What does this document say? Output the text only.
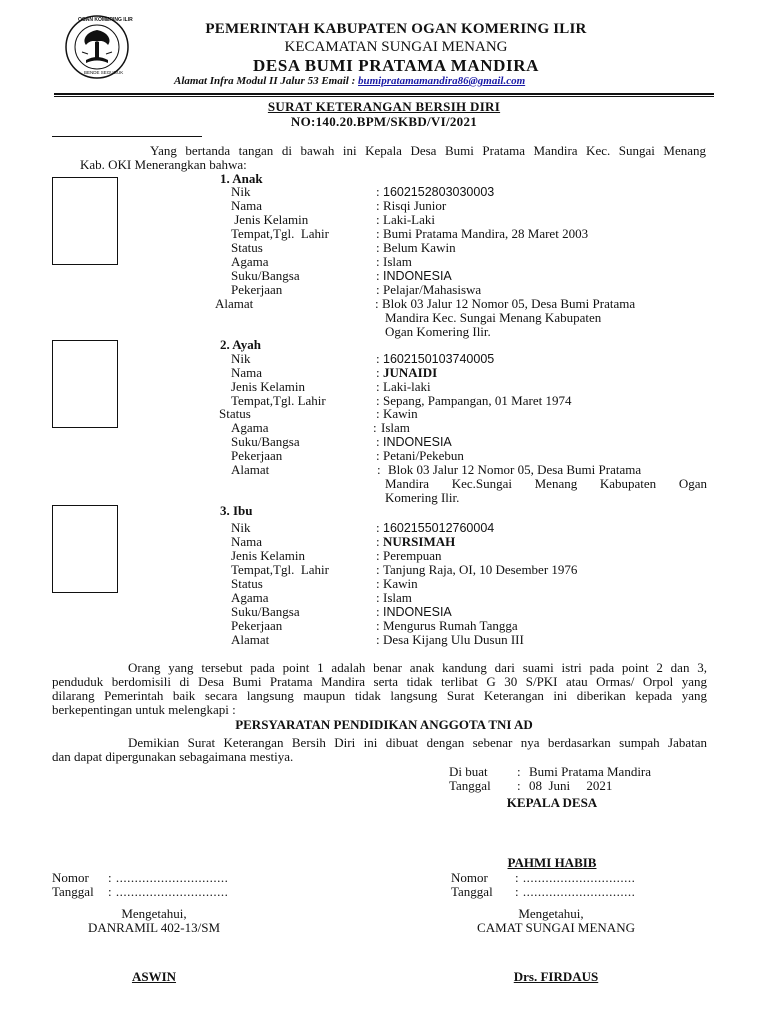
OGAN KOMERING ILIR
BENDE SEGUGUK
PEMERINTAH KABUPATEN OGAN KOMERING ILIR
KECAMATAN SUNGAI MENANG
DESA BUMI PRATAMA MANDIRA
Alamat Infra Modul II Jalur 53 Email : bumipratamamandira86@gmail.com
SURAT KETERANGAN BERSIH DIRI
NO:140.20.BPM/SKBD/VI/2021
Yang bertanda tangan di bawah ini Kepala Desa Bumi Pratama Mandira Kec. Sungai Menang
Kab. OKI Menerangkan bahwa:
1. Anak
Nik	: 1602152803030003
Nama	: Risqi Junior
Jenis Kelamin	: Laki-Laki
Tempat,Tgl.  Lahir	: Bumi Pratama Mandira, 28 Maret 2003
Status	: Belum Kawin
Agama	: Islam
Suku/Bangsa	: INDONESIA
Pekerjaan	: Pelajar/Mahasiswa
Alamat	: Blok 03 Jalur 12 Nomor 05, Desa Bumi Pratama
Mandira Kec. Sungai Menang Kabupaten
Ogan Komering Ilir.
2. Ayah
Nik	: 1602150103740005
Nama	: JUNAIDI
Jenis Kelamin	: Laki-laki
Tempat,Tgl. Lahir	: Sepang, Pampangan, 01 Maret 1974
Status	: Kawin
Agama	: Islam
Suku/Bangsa	: INDONESIA
Pekerjaan	: Petani/Pekebun
Alamat	: Blok 03 Jalur 12 Nomor 05, Desa Bumi Pratama
Mandira Kec.Sungai Menang Kabupaten Ogan
Komering Ilir.
3. Ibu
Nik	: 1602155012760004
Nama	: NURSIMAH
Jenis Kelamin	: Perempuan
Tempat,Tgl.  Lahir	: Tanjung Raja, OI, 10 Desember 1976
Status	: Kawin
Agama	: Islam
Suku/Bangsa	: INDONESIA
Pekerjaan	: Mengurus Rumah Tangga
Alamat	: Desa Kijang Ulu Dusun III
Orang yang tersebut pada point 1 adalah benar anak kandung dari suami istri pada point 2 dan 3,
penduduk berdomisili di Desa Bumi Pratama Mandira serta tidak terlibat G 30 S/PKI atau Ormas/ Orpol yang
dilarang Pemerintah baik secara langsung maupun tidak langsung Surat Keterangan ini diberikan kepada yang
berkepentingan untuk melengkapi :
PERSYARATAN PENDIDIKAN ANGGOTA TNI AD
Demikian Surat Keterangan Bersih Diri ini dibuat dengan sebenar nya berdasarkan sumpah Jabatan
dan dapat dipergunakan sebagaimana mestiya.
Di buat : Bumi Pratama Mandira
Tanggal : 08  Juni     2021
KEPALA DESA
PAHMI HABIB
Nomor : ..............................
Tanggal : ..............................
Mengetahui,
DANRAMIL 402-13/SM
ASWIN
Nomor : ..............................
Tanggal : ..............................
Mengetahui,
CAMAT SUNGAI MENANG
Drs. FIRDAUS
